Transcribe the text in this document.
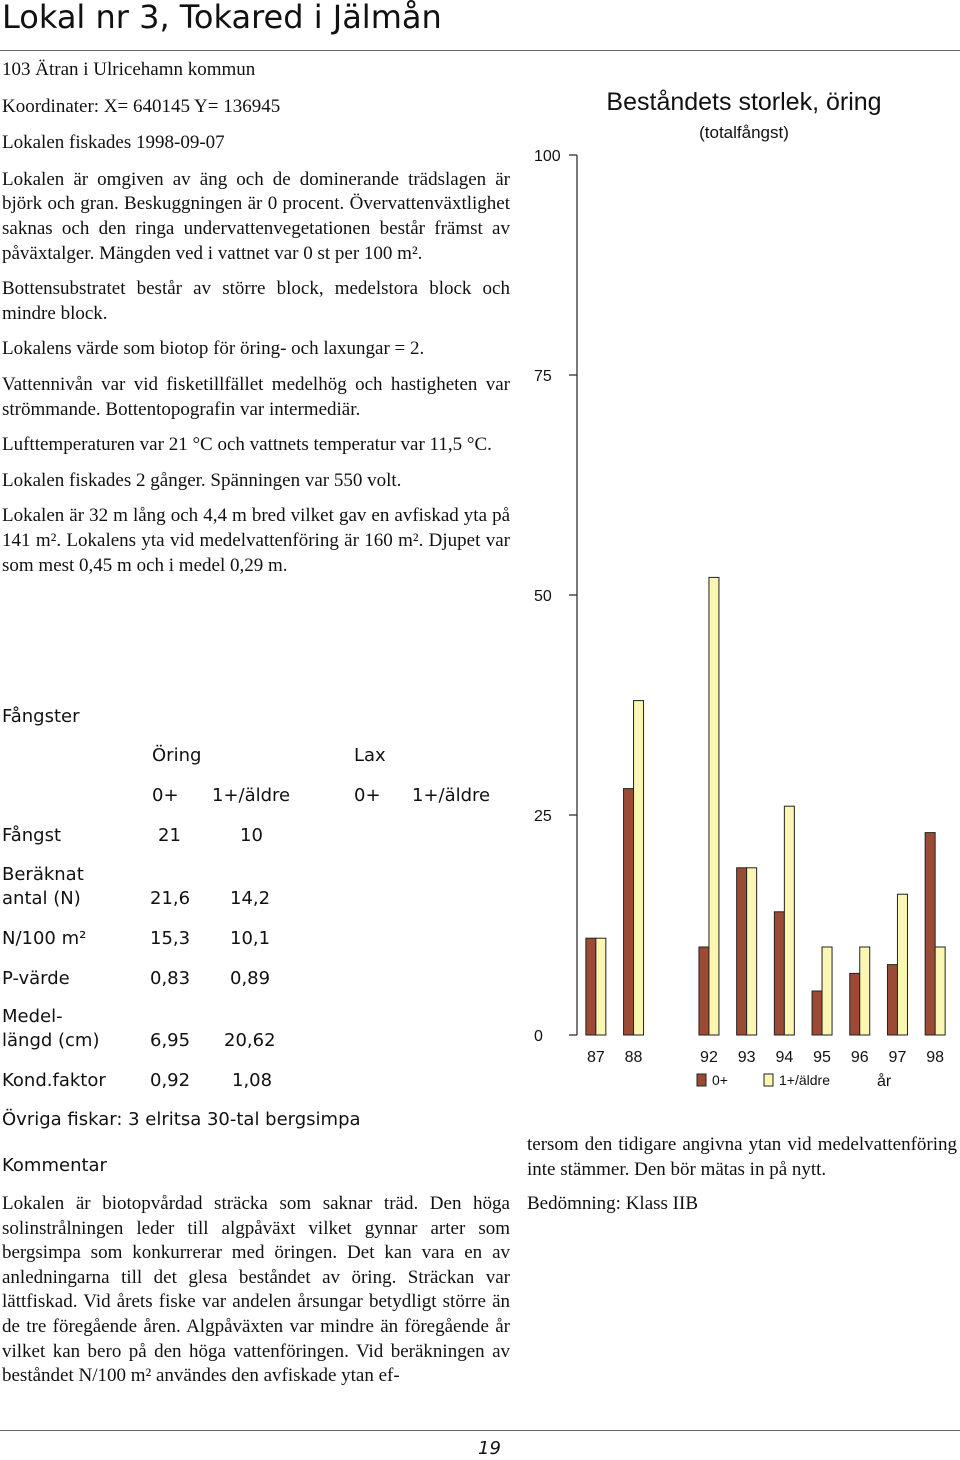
Lokal nr 3, Tokared i Jälmån

103 Ätran i Ulricehamn kommun

Koordinater: X= 640145 Y= 136945

Lokalen fiskades 1998-09-07

Lokalen är omgiven av äng och de dominerande trädslagen är björk och gran. Beskuggningen är 0 procent. Övervattenväxtlighet saknas och den ringa undervattenvegetationen består främst av påväxtalger. Mängden ved i vattnet var 0 st per 100 m².

Bottensubstratet består av större block, medelstora block och mindre block.

Lokalens värde som biotop för öring- och laxungar = 2.

Vattennivån var vid fisketillfället medelhög och hastigheten var strömmande. Bottentopografin var intermediär.

Lufttemperaturen var 21 °C och vattnets temperatur var 11,5 °C.

Lokalen fiskades 2 gånger. Spänningen var 550 volt.

Lokalen är 32 m lång och 4,4 m bred vilket gav en avfiskad yta på 141 m². Lokalens yta vid medelvattenföring är 160 m². Djupet var som mest 0,45 m och i medel 0,29 m.

Fångster
Öring	Lax
0+ 1+/äldre	0+ 1+/äldre
Fångst	21	10
Beräknat
antal (N)	21,6 14,2
N/100 m²	15,3 10,1
P-värde	0,83 0,89
Medel-
längd (cm)	6,95 20,62
Kond.faktor 0,92 1,08
Övriga fiskar: 3 elritsa 30-tal bergsimpa
Kommentar
Lokalen är biotopvårdad sträcka som saknar träd. Den höga solinstrålningen leder till algpåväxt vilket gynnar arter som bergsimpa som konkurrerar med öringen. Det kan vara en av anledningarna till det glesa beståndet av öring. Sträckan var lättfiskad. Vid årets fiske var andelen årsungar betydligt större än de tre föregående åren. Algpåväxten var mindre än föregående år vilket kan bero på den höga vattenföringen. Vid beräkningen av beståndet N/100 m² användes den avfiskade ytan ef-

tersom den tidigare angivna ytan vid medelvattenföring inte stämmer. Den bör mätas in på nytt.

Bedömning: Klass IIB

Beståndets storlek, öring
(totalfångst)
0
25
50
75
100
87 88	92 93 94 95 96 97 98
0+	1+/äldre	år
19
